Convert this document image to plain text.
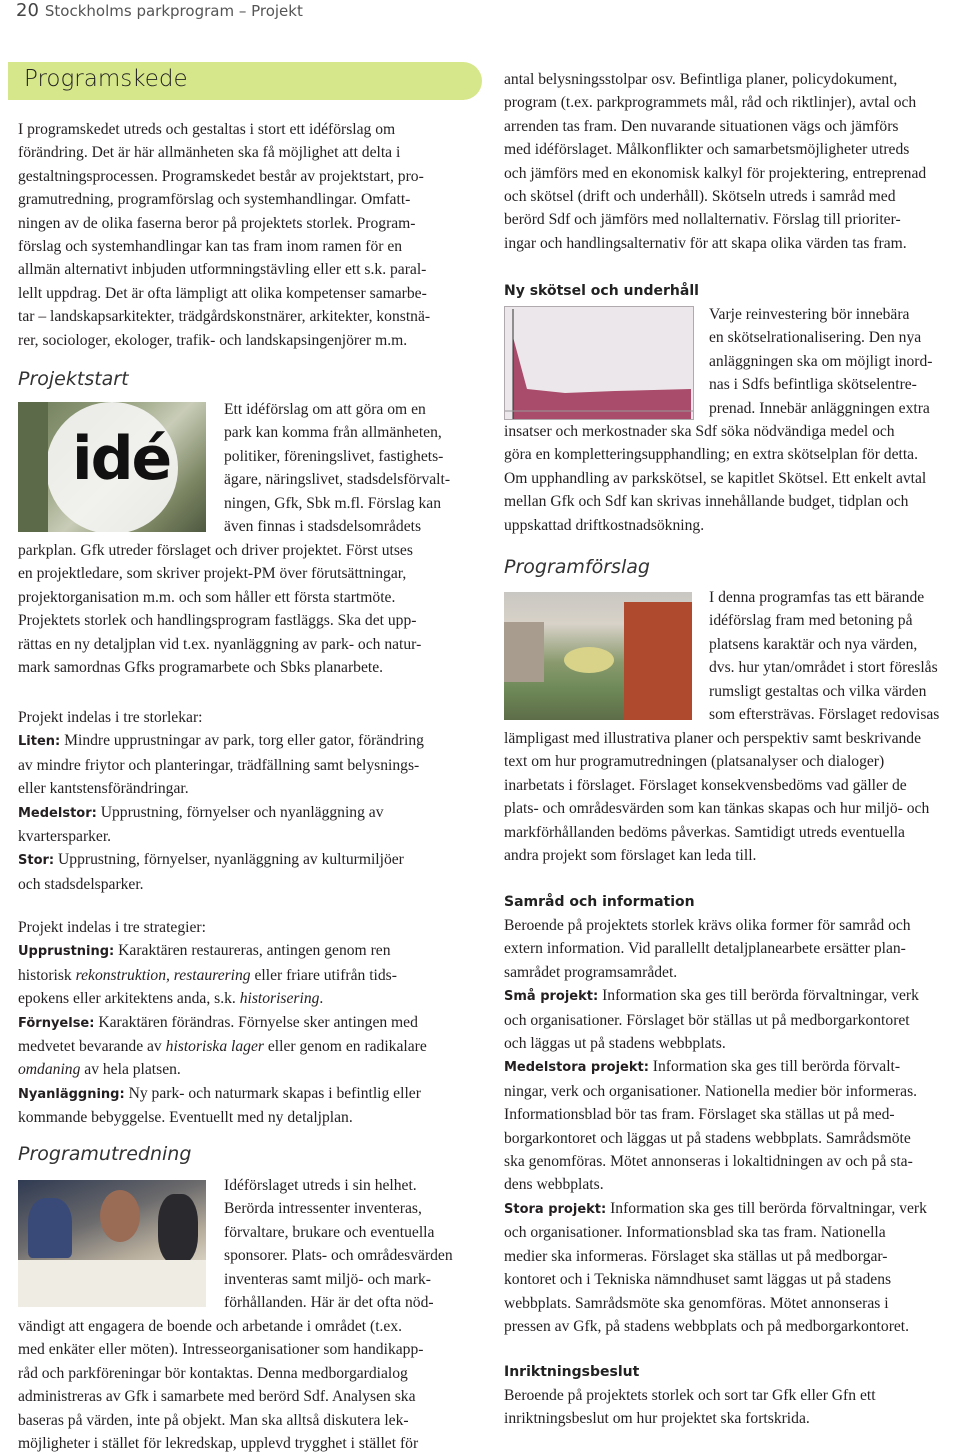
20 Stockholms parkprogram – Projekt
Programskede

I programskedet utreds och gestaltas i stort ett idéförslag om

förändring. Det är här allmänheten ska få möjlighet att delta i

gestaltningsprocessen. Programskedet består av projektstart, pro-

gramutredning, programförslag och systemhandlingar. Omfatt-

ningen av de olika faserna beror på projektets storlek. Program-

förslag och systemhandlingar kan tas fram inom ramen för en

allmän alternativt inbjuden utformningstävling eller ett s.k. paral-

lellt uppdrag. Det är ofta lämpligt att olika kompetenser samarbe-

tar – landskapsarkitekter, trädgårdskonstnärer, arkitekter, konstnä-

rer, sociologer, ekologer, trafik- och landskapsingenjörer m.m.

Projektstart
idé

Ett idéförslag om att göra om en

park kan komma från allmänheten,

politiker, föreningslivet, fastighets-

ägare, näringslivet, stadsdelsförvalt-

ningen, Gfk, Sbk m.fl. Förslag kan

även finnas i stadsdelsområdets

parkplan. Gfk utreder förslaget och driver projektet. Först utses

en projektledare, som skriver projekt-PM över förutsättningar,

projektorganisation m.m. och som håller ett första startmöte.

Projektets storlek och handlingsprogram fastläggs. Ska det upp-

rättas en ny detaljplan vid t.ex. nyanläggning av park- och natur-

mark samordnas Gfks programarbete och Sbks planarbete.

Projekt indelas i tre storlekar:

Liten: Mindre upprustningar av park, torg eller gator, förändring

av mindre friytor och planteringar, trädfällning samt belysnings-

eller kantstensförändringar.

Medelstor: Upprustning, förnyelser och nyanläggning av

kvartersparker.

Stor: Upprustning, förnyelser, nyanläggning av kulturmiljöer

och stadsdelsparker.

Projekt indelas i tre strategier:

Upprustning: Karaktären restaureras, antingen genom ren

historisk rekonstruktion, restaurering eller friare utifrån tids-

epokens eller arkitektens anda, s.k. historisering.

Förnyelse: Karaktären förändras. Förnyelse sker antingen med

medvetet bevarande av historiska lager eller genom en radikalare

omdaning av hela platsen.

Nyanläggning: Ny park- och naturmark skapas i befintlig eller

kommande bebyggelse. Eventuellt med ny detaljplan.

Programutredning

Idéförslaget utreds i sin helhet.

Berörda intressenter inventeras,

förvaltare, brukare och eventuella

sponsorer. Plats- och områdesvärden

inventeras samt miljö- och mark-

förhållanden. Här är det ofta nöd-

vändigt att engagera de boende och arbetande i området (t.ex.

med enkäter eller möten). Intresseorganisationer som handikapp-

råd och parkföreningar bör kontaktas. Denna medborgardialog

administreras av Gfk i samarbete med berörd Sdf. Analysen ska

baseras på värden, inte på objekt. Man ska alltså diskutera lek-

möjligheter i stället för lekredskap, upplevd trygghet i stället för

antal belysningsstolpar osv. Befintliga planer, policydokument,

program (t.ex. parkprogrammets mål, råd och riktlinjer), avtal och

arrenden tas fram. Den nuvarande situationen vägs och jämförs

med idéförslaget. Målkonflikter och samarbetsmöjligheter utreds

och jämförs med en ekonomisk kalkyl för projektering, entreprenad

och skötsel (drift och underhåll). Skötseln utreds i samråd med

berörd Sdf och jämförs med nollalternativ. Förslag till prioriter-

ingar och handlingsalternativ för att skapa olika värden tas fram.

Ny skötsel och underhåll

Varje reinvestering bör innebära

en skötselrationalisering. Den nya

anläggningen ska om möjligt inord-

nas i Sdfs befintliga skötselentre-

prenad. Innebär anläggningen extra

insatser och merkostnader ska Sdf söka nödvändiga medel och

göra en kompletteringsupphandling; en extra skötselplan för detta.

Om upphandling av parkskötsel, se kapitlet Skötsel. Ett enkelt avtal

mellan Gfk och Sdf kan skrivas innehållande budget, tidplan och

uppskattad driftkostnadsökning.

Programförslag

I denna programfas tas ett bärande

idéförslag fram med betoning på

platsens karaktär och nya värden,

dvs. hur ytan/området i stort föreslås

rumsligt gestaltas och vilka värden

som eftersträvas. Förslaget redovisas

lämpligast med illustrativa planer och perspektiv samt beskrivande

text om hur programutredningen (platsanalyser och dialoger)

inarbetats i förslaget. Förslaget konsekvensbedöms vad gäller de

plats- och områdesvärden som kan tänkas skapas och hur miljö- och

markförhållanden bedöms påverkas. Samtidigt utreds eventuella

andra projekt som förslaget kan leda till.

Samråd och information

Beroende på projektets storlek krävs olika former för samråd och

extern information. Vid parallellt detaljplanearbete ersätter plan-

samrådet programsamrådet.

Små projekt: Information ska ges till berörda förvaltningar, verk

och organisationer. Förslaget bör ställas ut på medborgarkontoret

och läggas ut på stadens webbplats.

Medelstora projekt: Information ska ges till berörda förvalt-

ningar, verk och organisationer. Nationella medier bör informeras.

Informationsblad bör tas fram. Förslaget ska ställas ut på med-

borgarkontoret och läggas ut på stadens webbplats. Samrådsmöte

ska genomföras. Mötet annonseras i lokaltidningen av och på sta-

dens webbplats.

Stora projekt: Information ska ges till berörda förvaltningar, verk

och organisationer. Informationsblad ska tas fram. Nationella

medier ska informeras. Förslaget ska ställas ut på medborgar-

kontoret och i Tekniska nämndhuset samt läggas ut på stadens

webbplats. Samrådsmöte ska genomföras. Mötet annonseras i

pressen av Gfk, på stadens webbplats och på medborgarkontoret.

Inriktningsbeslut

Beroende på projektets storlek och sort tar Gfk eller Gfn ett

inriktningsbeslut om hur projektet ska fortskrida.
